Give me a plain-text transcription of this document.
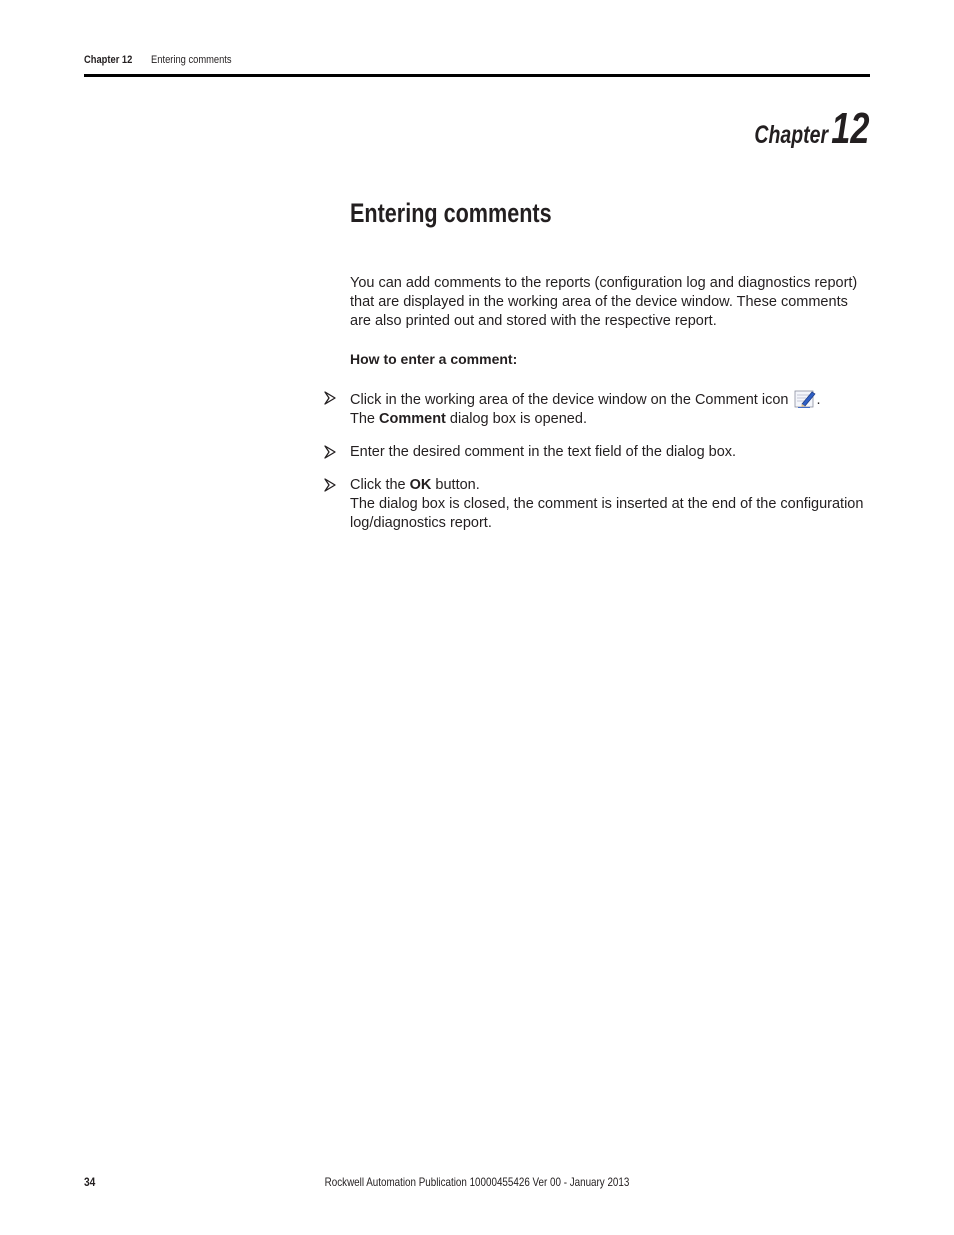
Chapter 12 Entering comments
Chapter12
Entering comments

You can add comments to the reports (configuration log and diagnostics report) that are displayed in the working area of the device window. These comments are also printed out and stored with the respective report.

How to enter a comment:

Click in the working area of the device window on the Comment icon .
The Comment dialog box is opened.
Enter the desired comment in the text field of the dialog box.
Click the OK button.
The dialog box is closed, the comment is inserted at the end of the configuration log/diagnostics report.
34	Rockwell Automation Publication 10000455426 Ver 00 - January 2013
